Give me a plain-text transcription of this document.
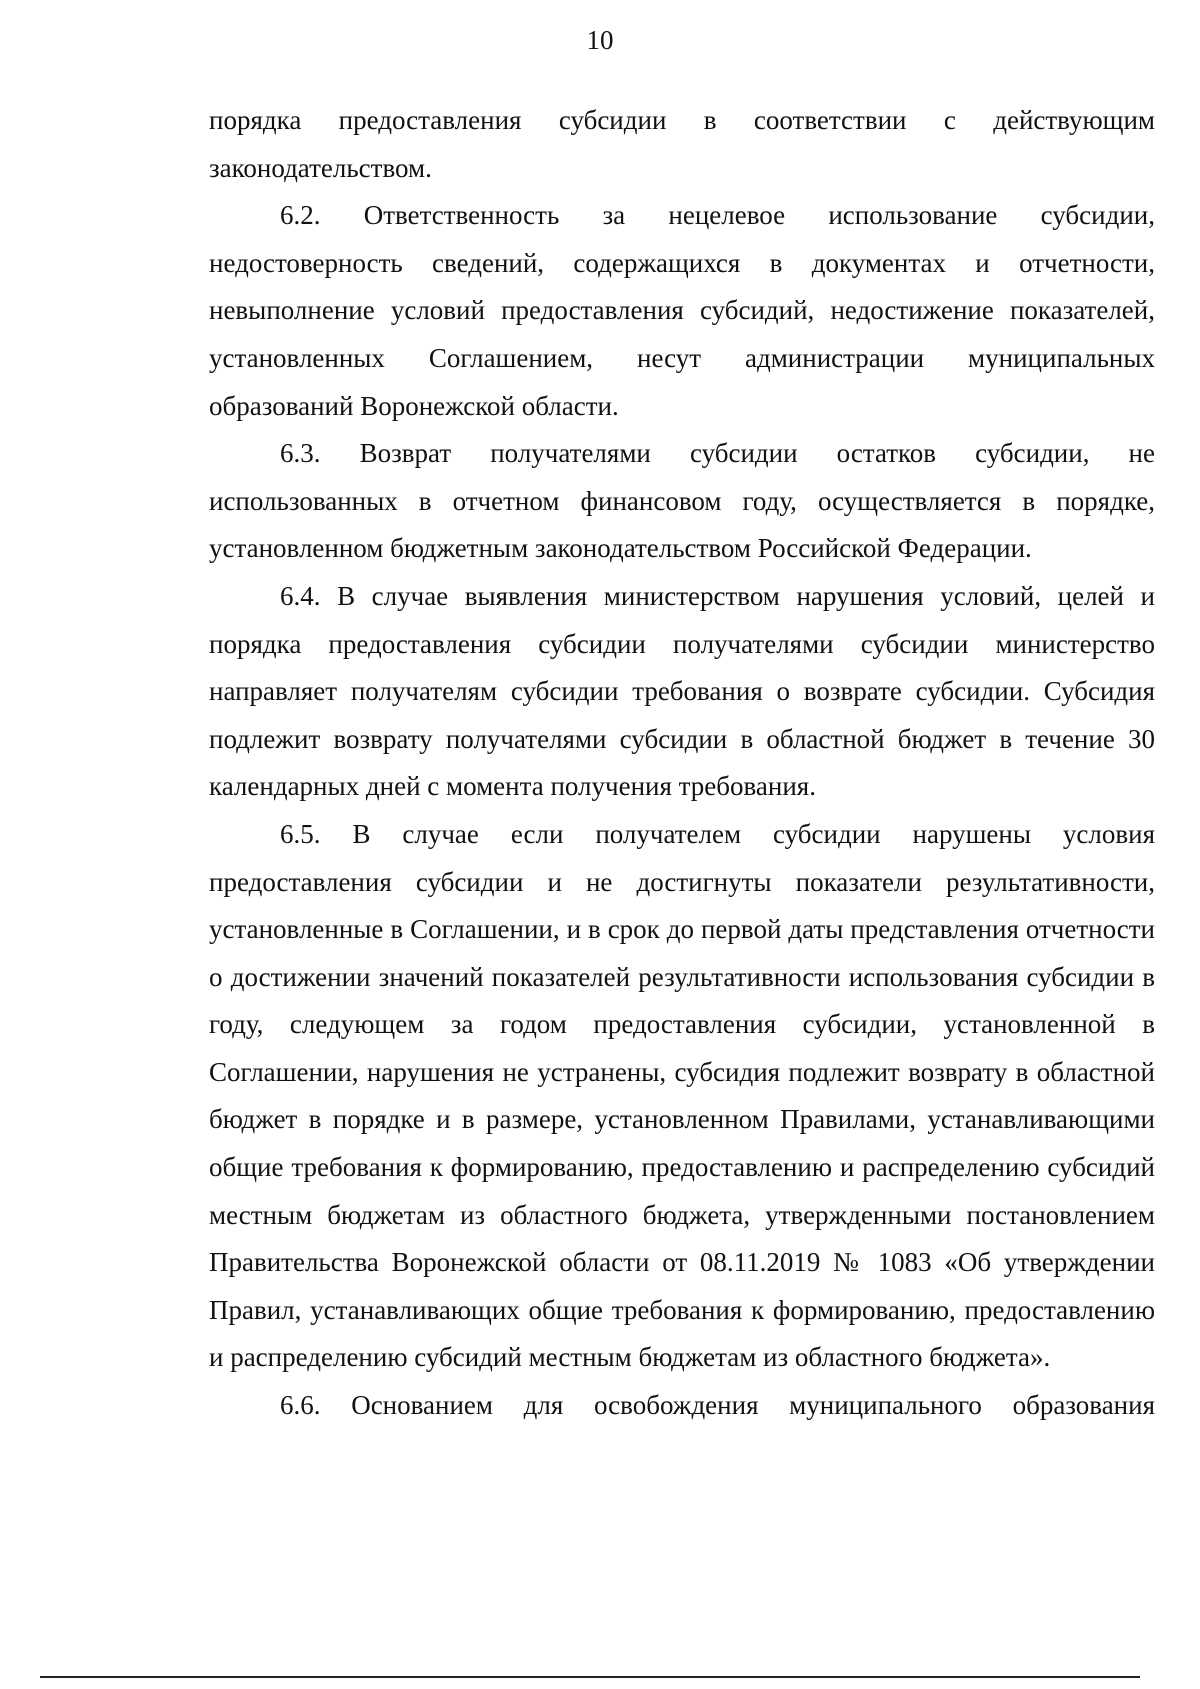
10

порядка предоставления субсидии в соответствии с действующим законодательством.

6.2. Ответственность за нецелевое использование субсидии, недостоверность сведений, содержащихся в документах и отчетности, невыполнение условий предоставления субсидий, недостижение показателей, установленных Соглашением, несут администрации муниципальных образований Воронежской области.

6.3. Возврат получателями субсидии остатков субсидии, не использованных в отчетном финансовом году, осуществляется в порядке, установленном бюджетным законодательством Российской Федерации.

6.4. В случае выявления министерством нарушения условий, целей и порядка предоставления субсидии получателями субсидии министерство направляет получателям субсидии требования о возврате субсидии. Субсидия подлежит возврату получателями субсидии в областной бюджет в течение 30 календарных дней с момента получения требования.

6.5. В случае если получателем субсидии нарушены условия предоставления субсидии и не достигнуты показатели результативности, установленные в Соглашении, и в срок до первой даты представления отчетности о достижении значений показателей результативности использования субсидии в году, следующем за годом предоставления субсидии, установленной в Соглашении, нарушения не устранены, субсидия подлежит возврату в областной бюджет в порядке и в размере, установленном Правилами, устанавливающими общие требования к формированию, предоставлению и распределению субсидий местным бюджетам из областного бюджета, утвержденными постановлением Правительства Воронежской области от 08.11.2019 № 1083 «Об утверждении Правил, устанавливающих общие требования к формированию, предоставлению и распределению субсидий местным бюджетам из областного бюджета».

6.6. Основанием для освобождения муниципального образования
